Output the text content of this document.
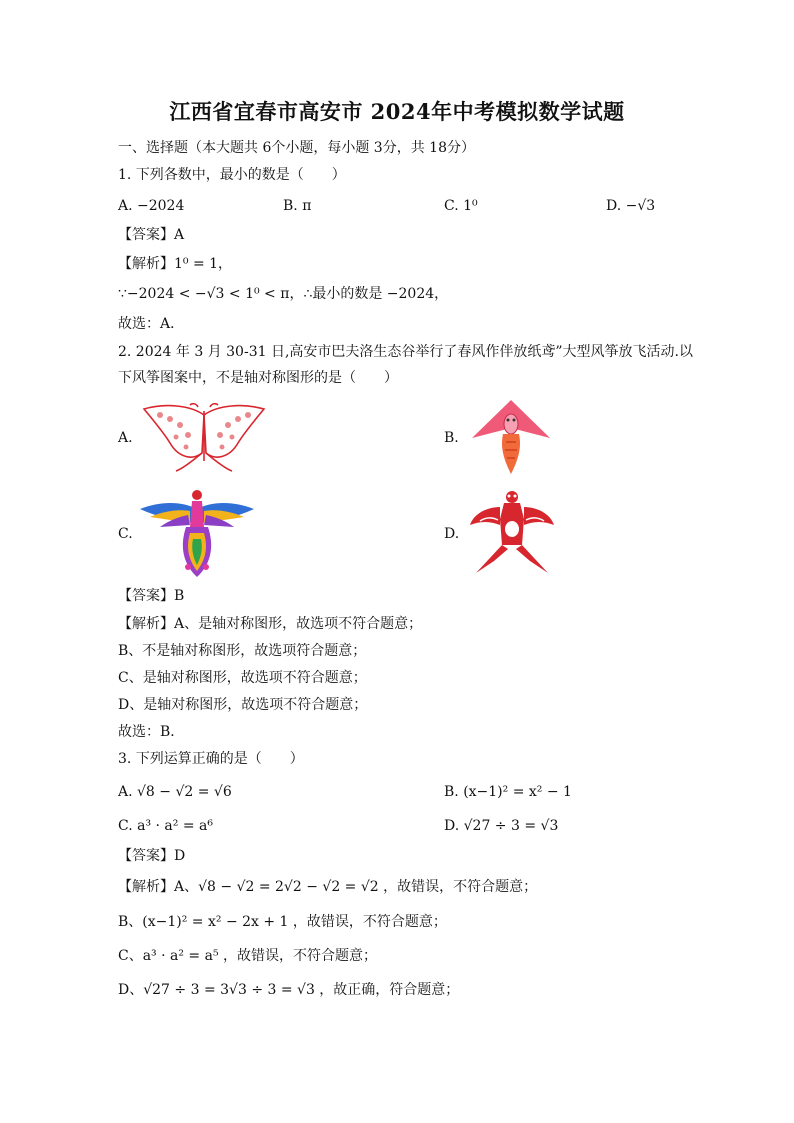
江西省宜春市高安市 2024年中考模拟数学试题
一、选择题（本大题共 6个小题，每小题 3分，共 18分）
1. 下列各数中，最小的数是（　　）
A. −2024	B. π	C. 1⁰	D. −√3
【答案】A
【解析】1⁰ = 1，
∵−2024 < −√3 < 1⁰ < π，∴最小的数是 −2024，
故选：A．
2. 2024 年 3 月 30-31 日,高安市巴夫洛生态谷举行了春风作伴放纸鸢”大型风筝放飞活动.以
下风筝图案中，不是轴对称图形的是（　　）
A.	B.
C.	D.
【答案】B
【解析】A、是轴对称图形，故选项不符合题意；
B、不是轴对称图形，故选项符合题意；
C、是轴对称图形，故选项不符合题意；
D、是轴对称图形，故选项不符合题意；
故选：B．
3. 下列运算正确的是（　　）
A. √8 − √2 = √6	B. (x−1)² = x² − 1
C. a³ · a² = a⁶	D. √27 ÷ 3 = √3
【答案】D
【解析】A、√8 − √2 = 2√2 − √2 = √2 ，故错误，不符合题意；
B、(x−1)² = x² − 2x + 1 ，故错误，不符合题意；
C、a³ · a² = a⁵ ，故错误，不符合题意；
D、√27 ÷ 3 = 3√3 ÷ 3 = √3 ，故正确，符合题意；
